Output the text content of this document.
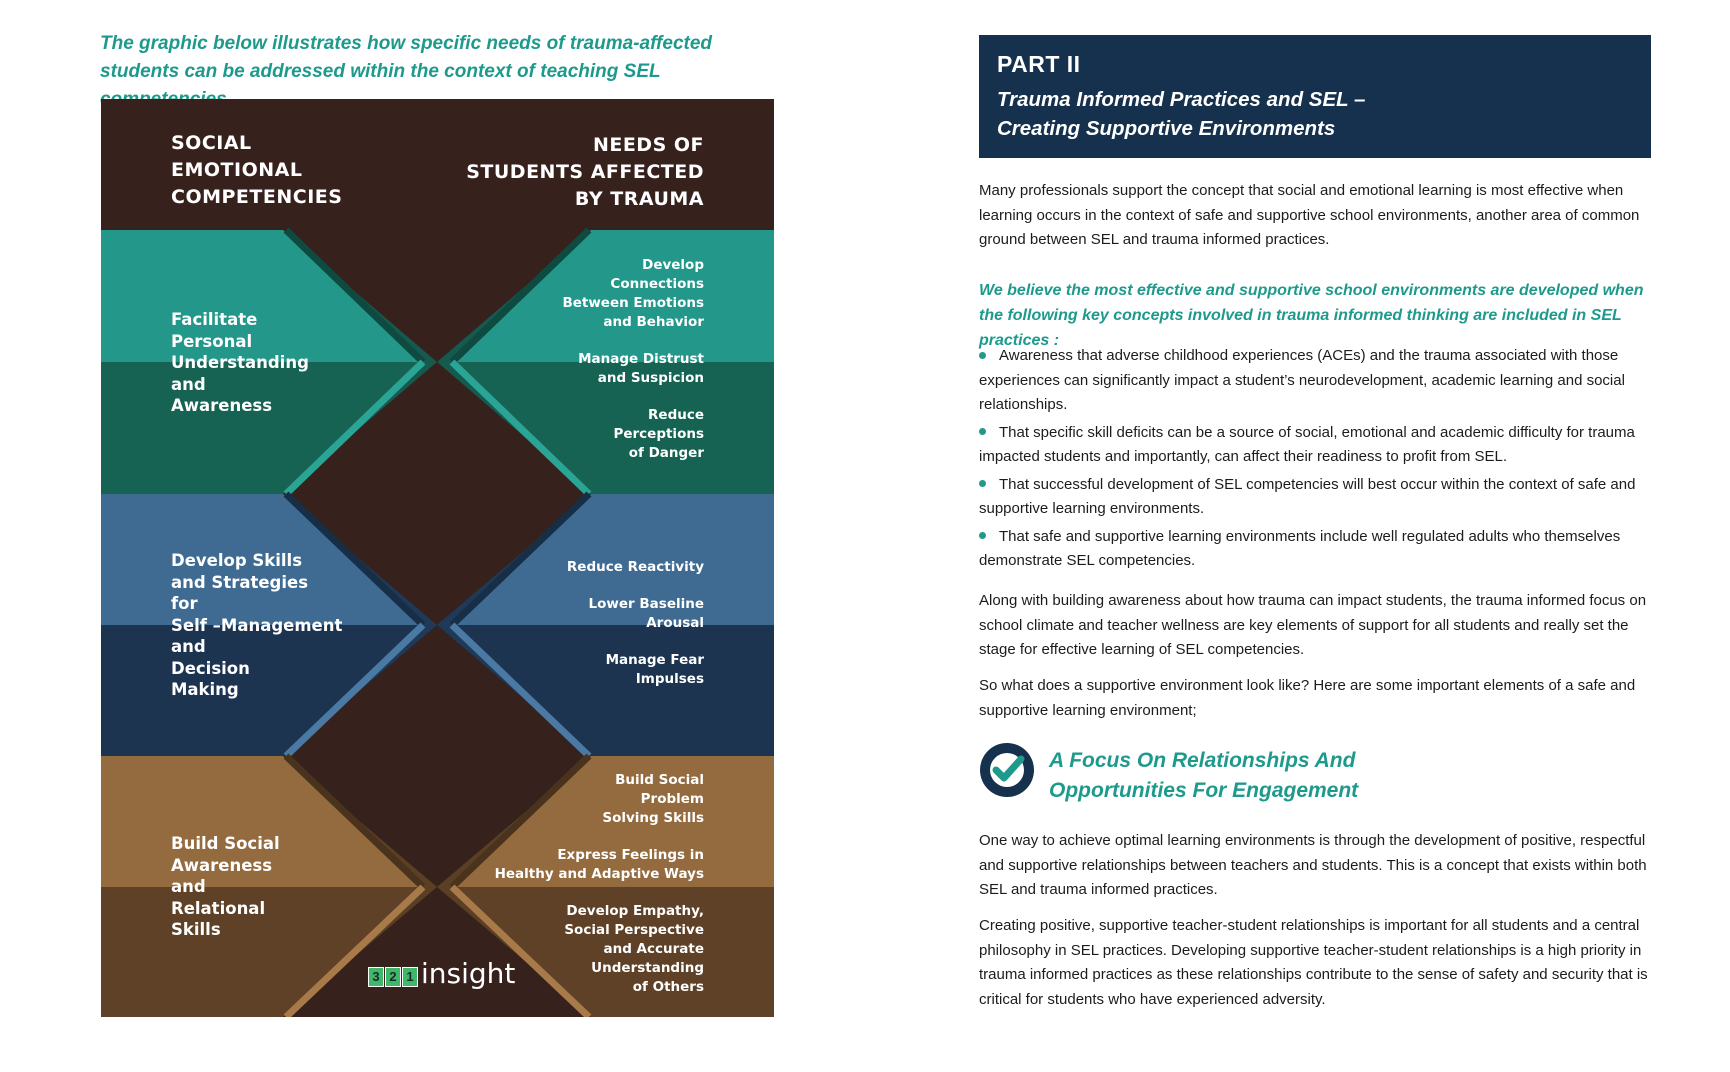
The graphic below illustrates how specific needs of trauma-affected students can be addressed within the context of teaching SEL

SOCIAL
EMOTIONAL
COMPETENCIES

NEEDS OF
STUDENTS AFFECTED
BY TRAUMA

Facilitate
Personal
Understanding
and
Awareness

Develop Skills
and Strategies
for
Self –Management
and
Decision
Making

Build Social
Awareness
and
Relational
Skills

Develop
Connections
Between Emotions
and Behavior

Manage Distrust
and Suspicion

Reduce
Perceptions
of Danger

Reduce Reactivity

Lower Baseline
Arousal

Manage Fear
Impulses

Build Social
Problem
Solving Skills

Express Feelings in
Healthy and Adaptive Ways

Develop Empathy,
Social Perspective
and Accurate
Understanding
of Others

3 2 1 insight

PART II

Trauma Informed Practices and SEL –
Creating Supportive Environments

Many professionals support the concept that social and emotional learning is most effective when learning occurs in the context of safe and supportive school environments, another area of common ground between SEL and trauma informed practices.

We believe the most effective and supportive school environments are developed when the following key concepts involved in trauma informed thinking are included in SEL practices :

Awareness that adverse childhood experiences (ACEs) and the trauma associated with those experiences can significantly impact a student’s neurodevelopment, academic learning and social relationships.
That specific skill deficits can be a source of social, emotional and academic difficulty for trauma impacted students and importantly, can affect their readiness to profit from SEL.
That successful development of SEL competencies will best occur within the context of safe and supportive learning environments.
That safe and supportive learning environments include well regulated adults who themselves demonstrate SEL competencies.

Along with building awareness about how trauma can impact students, the trauma informed focus on school climate and teacher wellness are key elements of support for all students and really set the stage for effective learning of SEL competencies.

So what does a supportive environment look like? Here are some important elements of a safe and supportive learning environment;

A Focus On Relationships And
Opportunities For Engagement

One way to achieve optimal learning environments is through the development of positive, respectful and supportive relationships between teachers and students. This is a concept that exists within both SEL and trauma informed practices.

Creating positive, supportive teacher-student relationships is important for all students and a central philosophy in SEL practices. Developing supportive teacher-student relationships is a high priority in trauma informed practices as these relationships contribute to the sense of safety and security that is critical for students who have experienced adversity.
